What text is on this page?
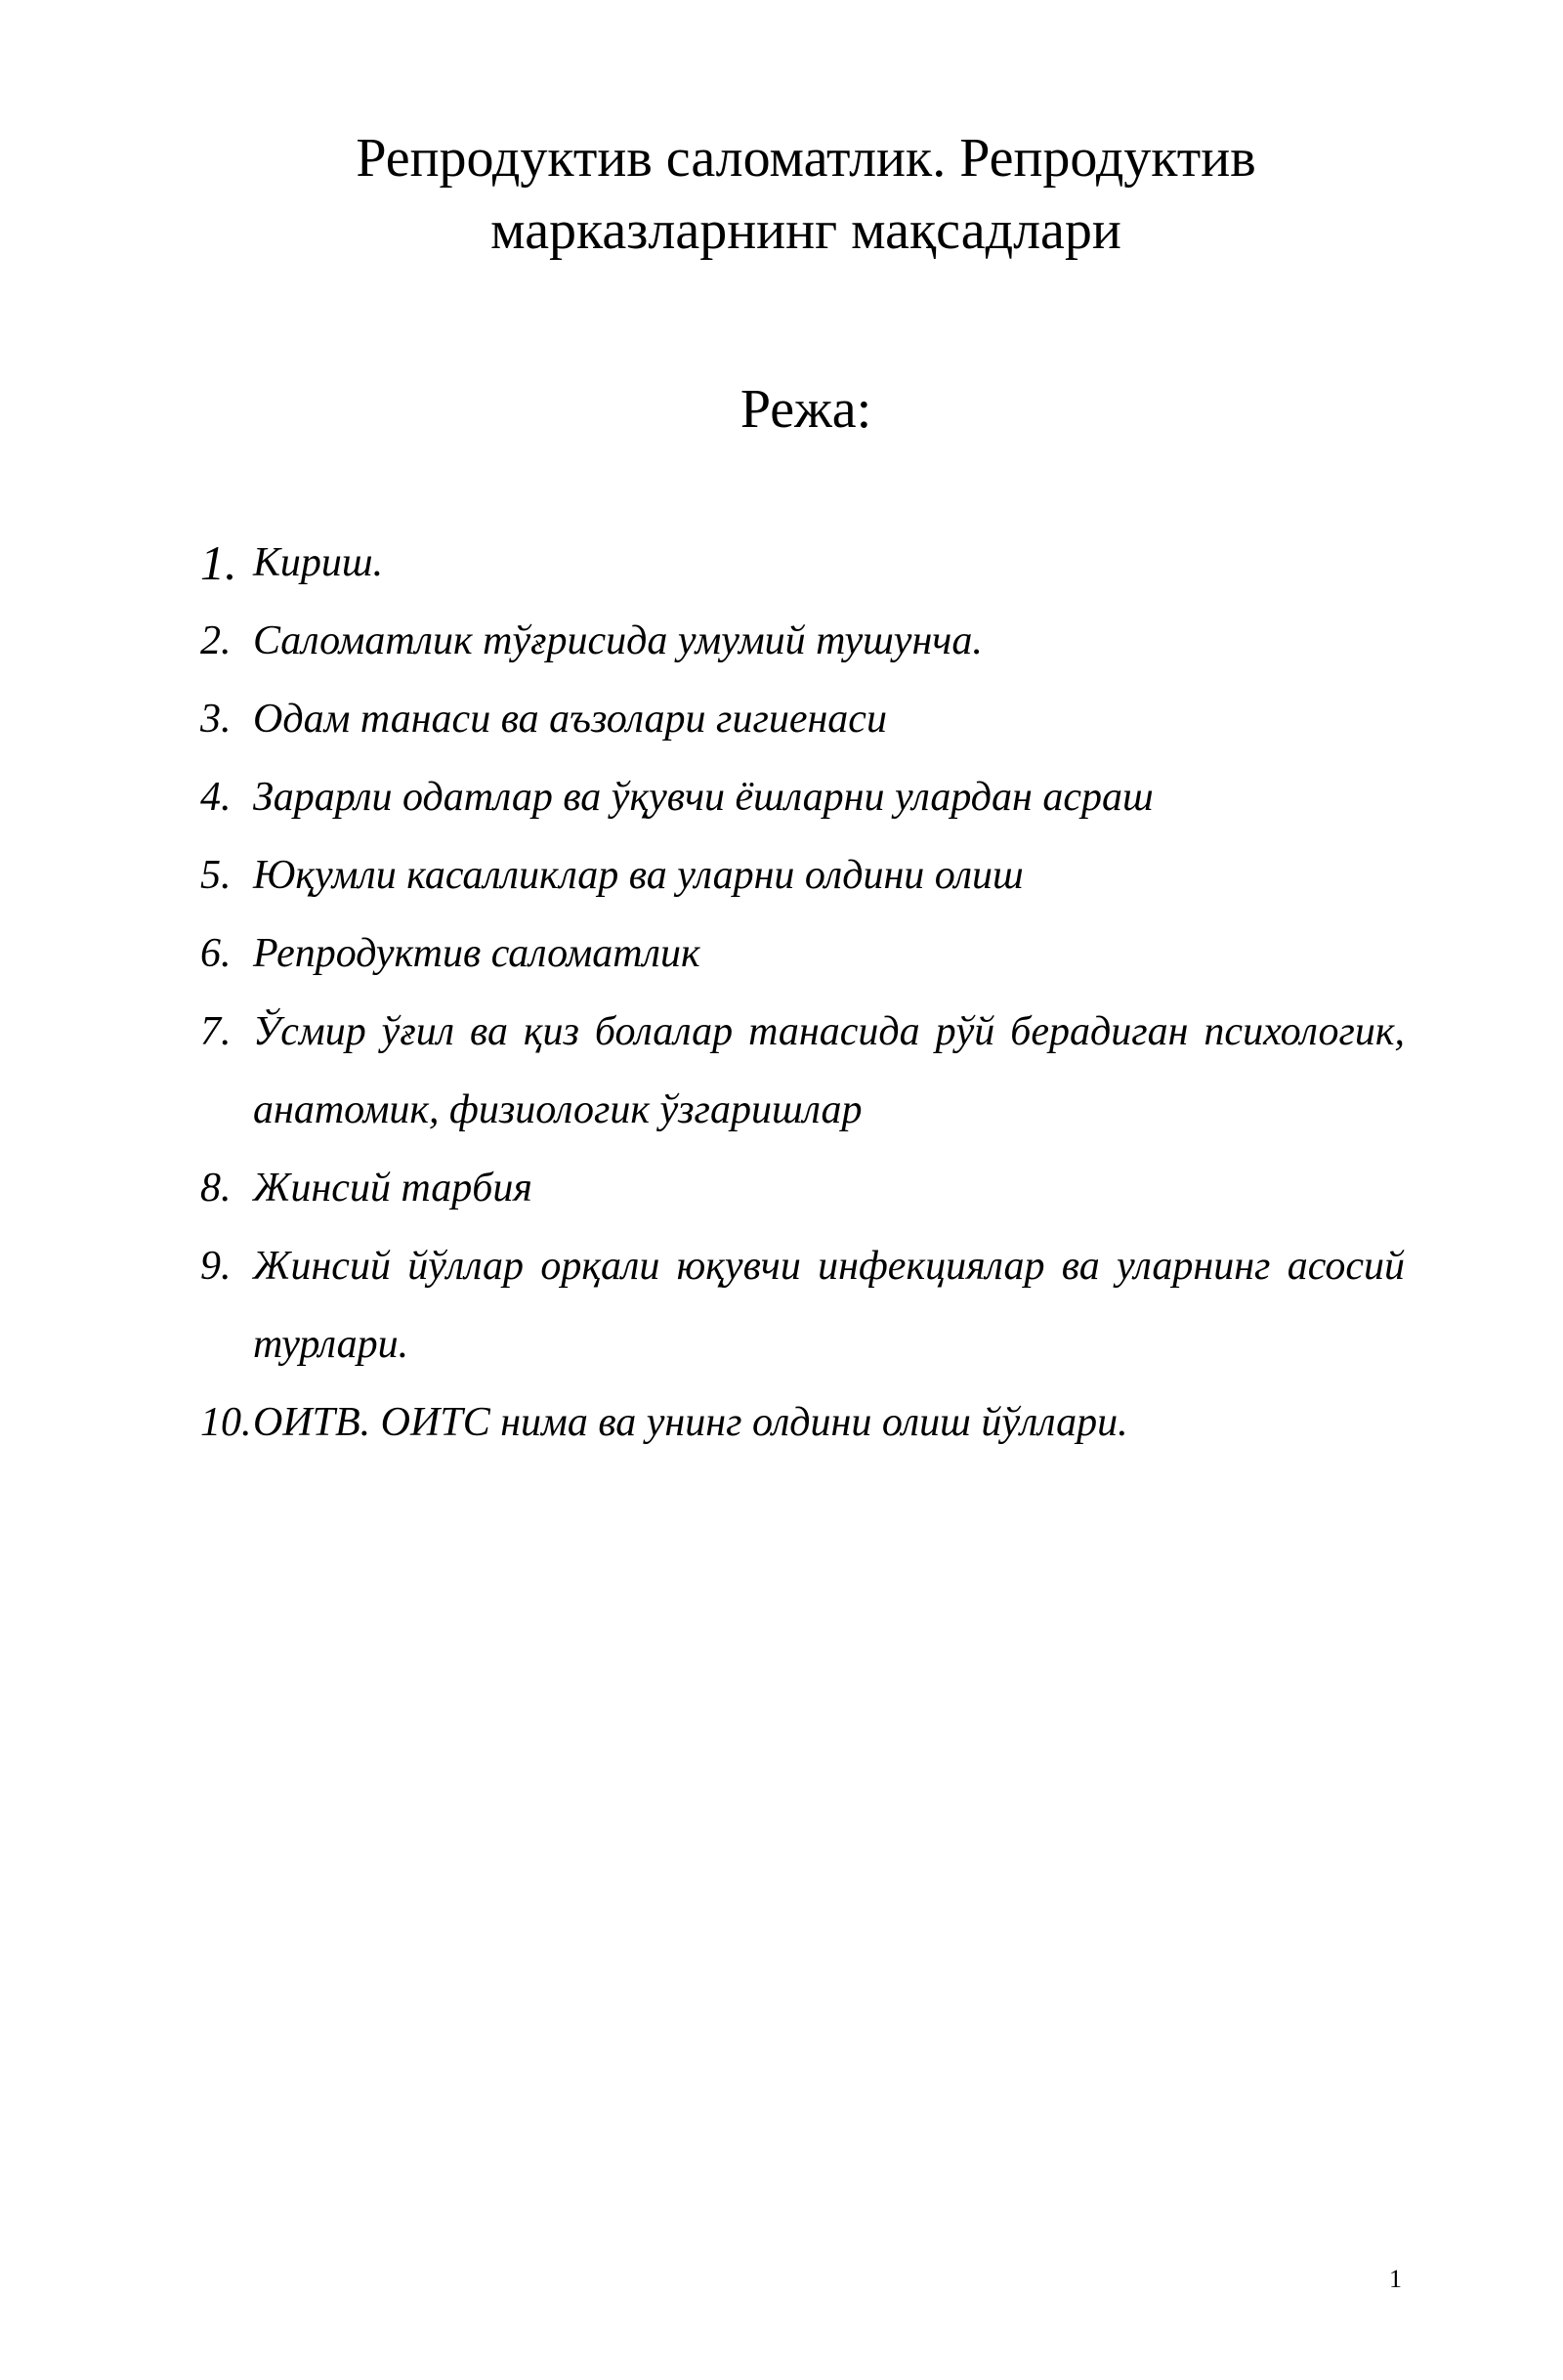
Репродуктив саломатлик. Репродуктив марказларнинг мақсадлари
Режа:
1. Кириш.
2. Саломатлик тўғрисида умумий тушунча.
3. Одам танаси ва аъзолари гигиенаси
4. Зарарли одатлар ва ўқувчи ёшларни улардан асраш
5. Юқумли касалликлар ва уларни олдини олиш
6. Репродуктив саломатлик
7. Ўсмир ўғил ва қиз болалар танасида рўй берадиган психологик, анатомик, физиологик ўзгаришлар
8. Жинсий тарбия
9. Жинсий йўллар орқали юқувчи инфекциялар ва уларнинг асосий турлари.
10. ОИТВ. ОИТС нима ва унинг олдини олиш йўллари.
1
